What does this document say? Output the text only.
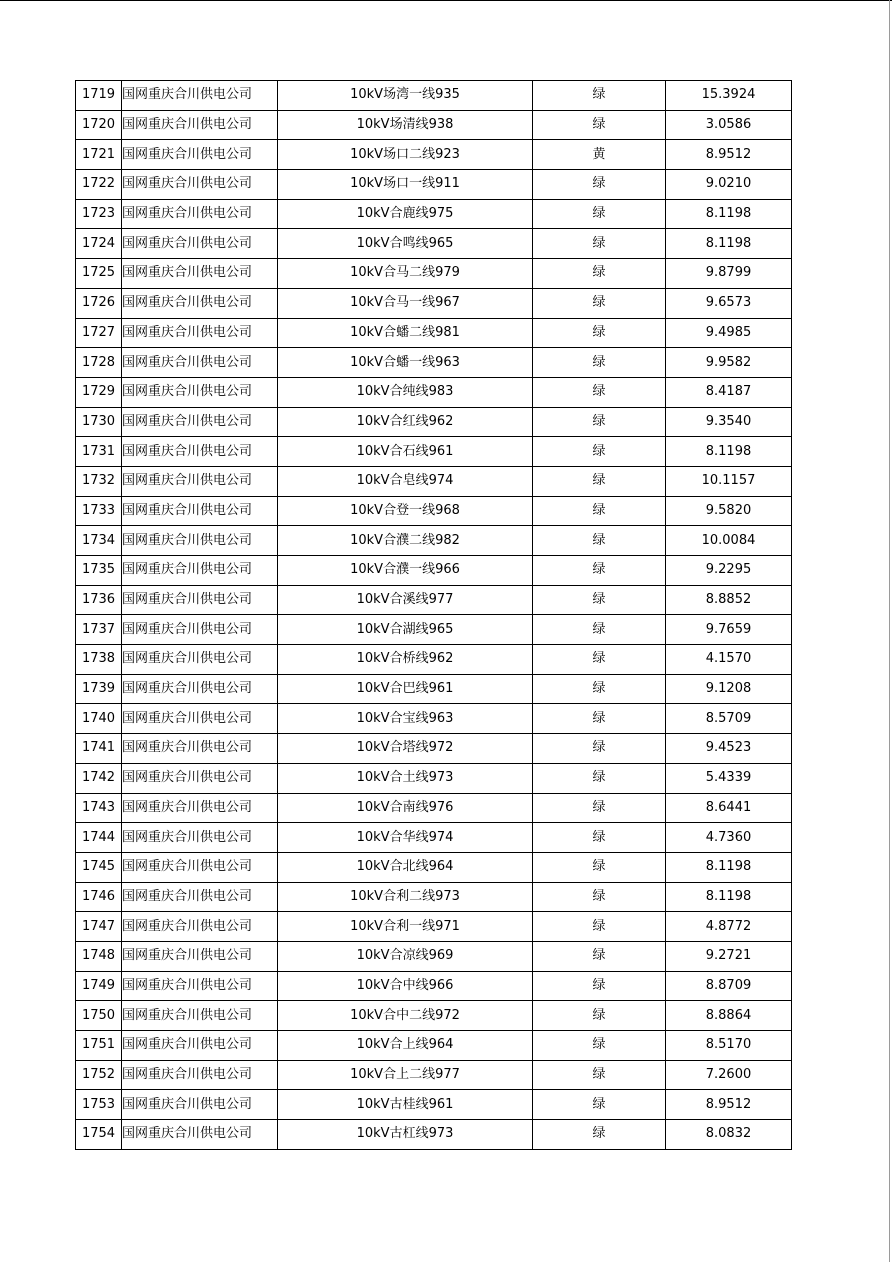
1719	国网重庆合川供电公司	10kV场湾一线935	绿	15.3924
1720	国网重庆合川供电公司	10kV场清线938	绿	3.0586
1721	国网重庆合川供电公司	10kV场口二线923	黄	8.9512
1722	国网重庆合川供电公司	10kV场口一线911	绿	9.0210
1723	国网重庆合川供电公司	10kV合鹿线975	绿	8.1198
1724	国网重庆合川供电公司	10kV合鸣线965	绿	8.1198
1725	国网重庆合川供电公司	10kV合马二线979	绿	9.8799
1726	国网重庆合川供电公司	10kV合马一线967	绿	9.6573
1727	国网重庆合川供电公司	10kV合蟠二线981	绿	9.4985
1728	国网重庆合川供电公司	10kV合蟠一线963	绿	9.9582
1729	国网重庆合川供电公司	10kV合纯线983	绿	8.4187
1730	国网重庆合川供电公司	10kV合红线962	绿	9.3540
1731	国网重庆合川供电公司	10kV合石线961	绿	8.1198
1732	国网重庆合川供电公司	10kV合皂线974	绿	10.1157
1733	国网重庆合川供电公司	10kV合登一线968	绿	9.5820
1734	国网重庆合川供电公司	10kV合濮二线982	绿	10.0084
1735	国网重庆合川供电公司	10kV合濮一线966	绿	9.2295
1736	国网重庆合川供电公司	10kV合溪线977	绿	8.8852
1737	国网重庆合川供电公司	10kV合湖线965	绿	9.7659
1738	国网重庆合川供电公司	10kV合桥线962	绿	4.1570
1739	国网重庆合川供电公司	10kV合巴线961	绿	9.1208
1740	国网重庆合川供电公司	10kV合宝线963	绿	8.5709
1741	国网重庆合川供电公司	10kV合塔线972	绿	9.4523
1742	国网重庆合川供电公司	10kV合土线973	绿	5.4339
1743	国网重庆合川供电公司	10kV合南线976	绿	8.6441
1744	国网重庆合川供电公司	10kV合华线974	绿	4.7360
1745	国网重庆合川供电公司	10kV合北线964	绿	8.1198
1746	国网重庆合川供电公司	10kV合利二线973	绿	8.1198
1747	国网重庆合川供电公司	10kV合利一线971	绿	4.8772
1748	国网重庆合川供电公司	10kV合凉线969	绿	9.2721
1749	国网重庆合川供电公司	10kV合中线966	绿	8.8709
1750	国网重庆合川供电公司	10kV合中二线972	绿	8.8864
1751	国网重庆合川供电公司	10kV合上线964	绿	8.5170
1752	国网重庆合川供电公司	10kV合上二线977	绿	7.2600
1753	国网重庆合川供电公司	10kV古桂线961	绿	8.9512
1754	国网重庆合川供电公司	10kV古杠线973	绿	8.0832
